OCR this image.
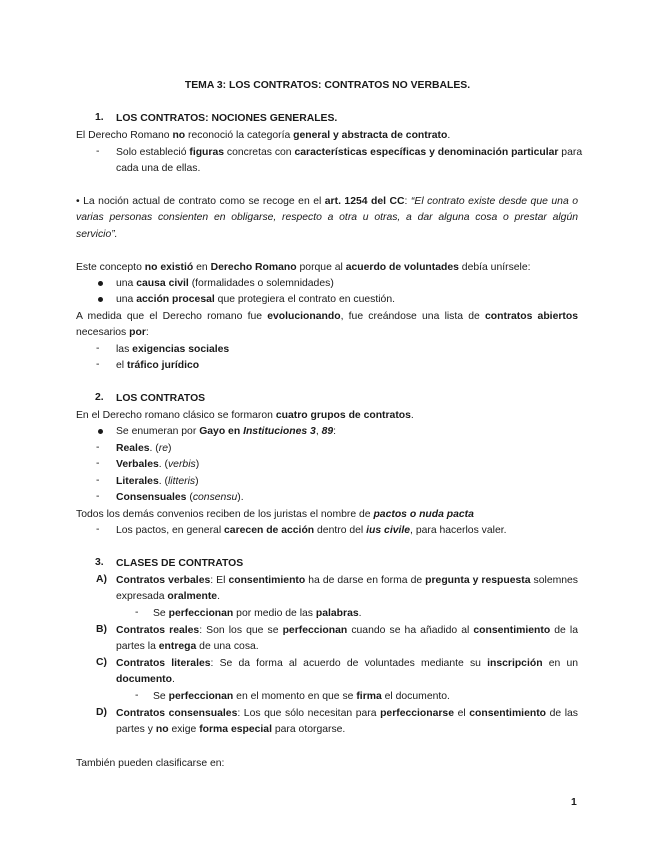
TEMA 3: LOS CONTRATOS: CONTRATOS NO VERBALES.
1. LOS CONTRATOS: NOCIONES GENERALES.
El Derecho Romano no reconoció la categoría general y abstracta de contrato.
- Solo estableció figuras concretas con características específicas y denominación particular para
cada una de ellas.
• La noción actual de contrato como se recoge en el art. 1254 del CC: “El contrato existe desde que una o
varias personas consienten en obligarse, respecto a otra u otras, a dar alguna cosa o prestar algún
servicio”.
Este concepto no existió en Derecho Romano porque al acuerdo de voluntades debía unírsele:
una causa civil (formalidades o solemnidades)
una acción procesal que protegiera el contrato en cuestión.
A medida que el Derecho romano fue evolucionando, fue creándose una lista de contratos abiertos
necesarios por:
- las exigencias sociales
- el tráfico jurídico
2. LOS CONTRATOS
En el Derecho romano clásico se formaron cuatro grupos de contratos.
Se enumeran por Gayo en Instituciones 3, 89:
- Reales. (re)
- Verbales. (verbis)
- Literales. (litteris)
- Consensuales (consensu).
Todos los demás convenios reciben de los juristas el nombre de pactos o nuda pacta
- Los pactos, en general carecen de acción dentro del ius civile, para hacerlos valer.
3. CLASES DE CONTRATOS
A) Contratos verbales: El consentimiento ha de darse en forma de pregunta y respuesta solemnes
expresada oralmente.
- Se perfeccionan por medio de las palabras.
B) Contratos reales: Son los que se perfeccionan cuando se ha añadido al consentimiento de la
partes la entrega de una cosa.
C) Contratos literales: Se da forma al acuerdo de voluntades mediante su inscripción en un
documento.
- Se perfeccionan en el momento en que se firma el documento.
D) Contratos consensuales: Los que sólo necesitan para perfeccionarse el consentimiento de las
partes y no exige forma especial para otorgarse.
También pueden clasificarse en:
1
